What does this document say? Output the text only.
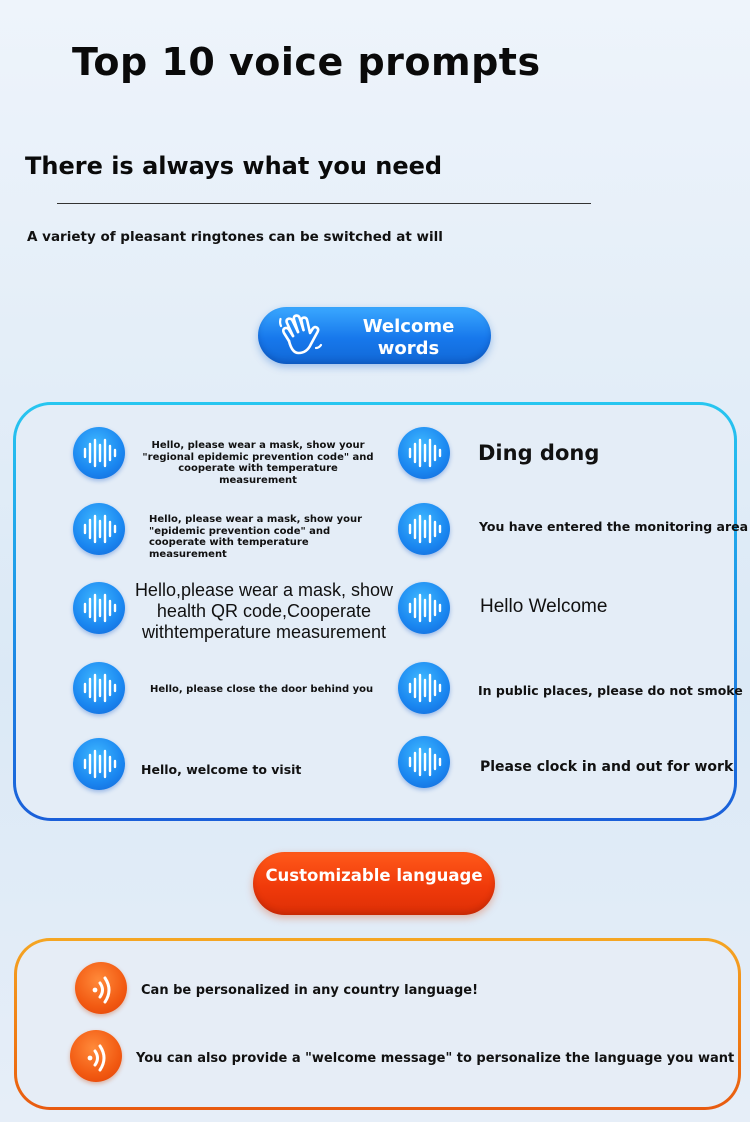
Top 10 voice prompts
There is always what you need
A variety of pleasant ringtones can be switched at will
Welcome words
Hello, please wear a mask, show your "regional epidemic prevention code" and cooperate with temperature measurement
Ding dong
Hello, please wear a mask, show your "epidemic prevention code" and cooperate with temperature measurement
You have entered the monitoring area
Hello,please wear a mask, show health QR code,Cooperate withtemperature measurement
Hello Welcome
Hello, please close the door behind you	In public places, please do not smoke
Hello, welcome to visit	Please clock in and out for work
Customizable language
Can be personalized in any country language!
You can also provide a "welcome message" to personalize the language you want
